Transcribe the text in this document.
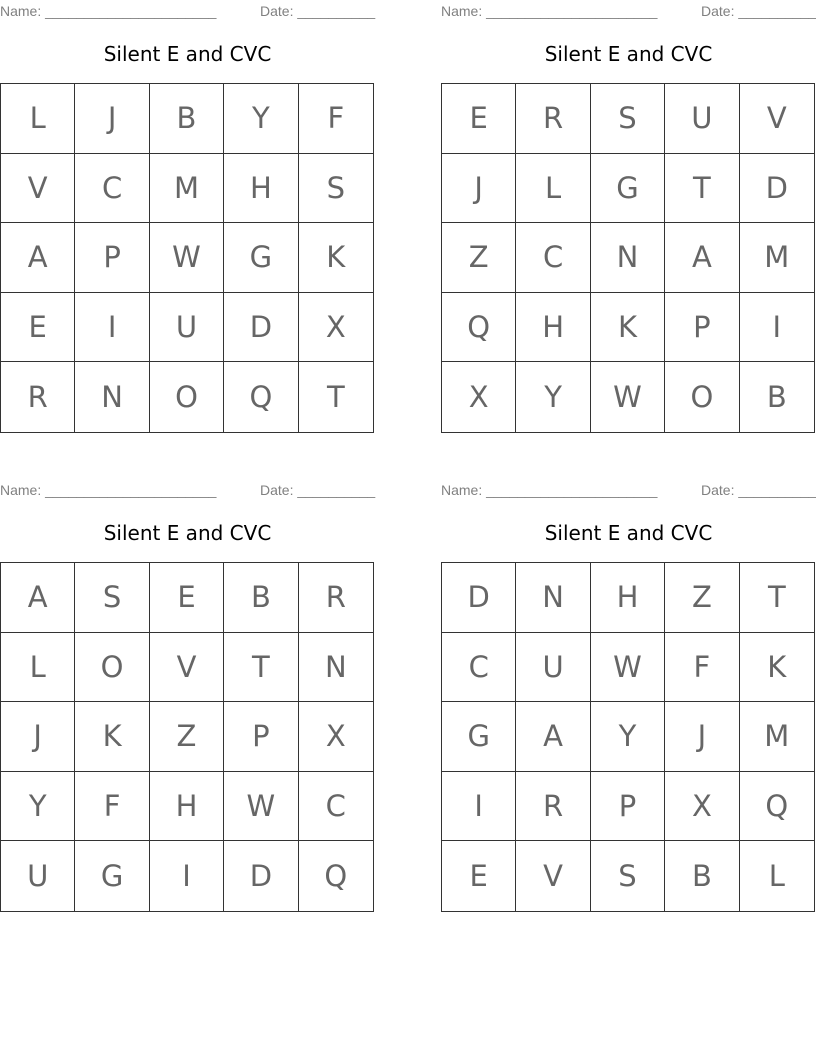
Name: ______________________	Date: __________
Silent E and CVC
L	J	B	Y	F
V	C	M	H	S
A	P	W	G	K
E	I	U	D	X
R	N	O	Q	T
Name: ______________________	Date: __________
Silent E and CVC
E	R	S	U	V
J	L	G	T	D
Z	C	N	A	M
Q	H	K	P	I
X	Y	W	O	B
Name: ______________________	Date: __________
Silent E and CVC
A	S	E	B	R
L	O	V	T	N
J	K	Z	P	X
Y	F	H	W	C
U	G	I	D	Q
Name: ______________________	Date: __________
Silent E and CVC
D	N	H	Z	T
C	U	W	F	K
G	A	Y	J	M
I	R	P	X	Q
E	V	S	B	L
